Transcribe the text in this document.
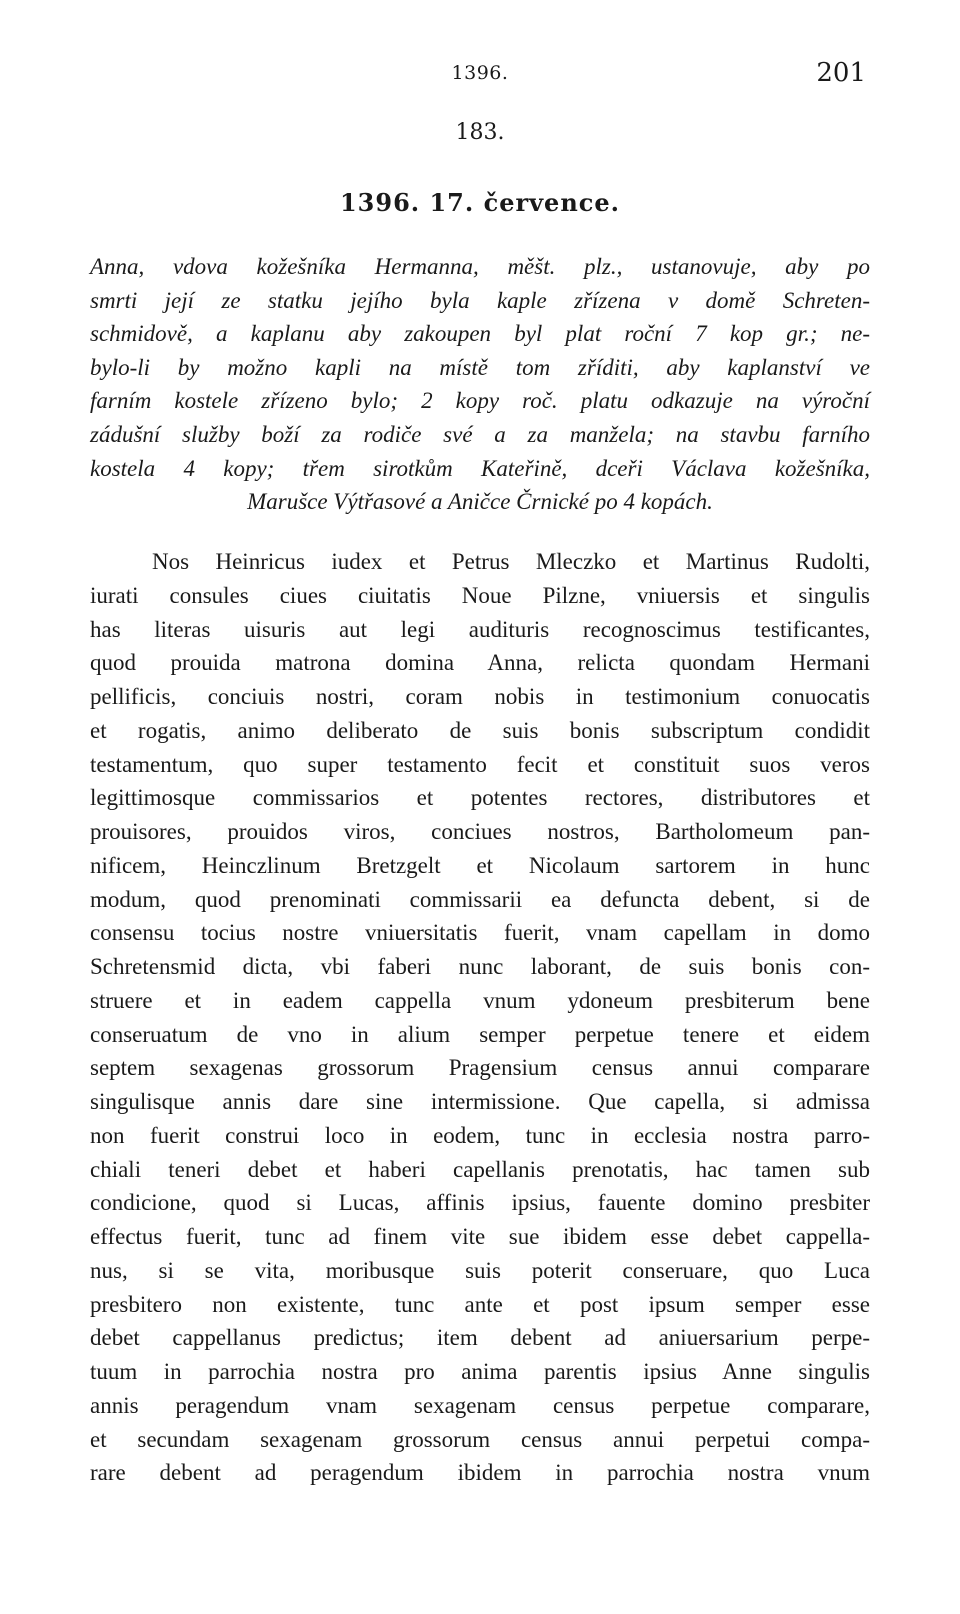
1396.	201
183.
1396. 17. července.
Anna, vdova kožešníka Hermanna, měšt. plz., ustanovuje, aby po
smrti její ze statku jejího byla kaple zřízena v domě Schreten-
schmidově, a kaplanu aby zakoupen byl plat roční 7 kop gr.; ne-
bylo-li by možno kapli na místě tom zříditi, aby kaplanství ve
farním kostele zřízeno bylo; 2 kopy roč. platu odkazuje na výroční
zádušní služby boží za rodiče své a za manžela; na stavbu farního
kostela 4 kopy; třem sirotkům Kateřině, dceři Václava kožešníka,
Marušce Výtřasové a Aničce Črnické po 4 kopách.
Nos Heinricus iudex et Petrus Mleczko et Martinus Rudolti,
iurati consules ciues ciuitatis Noue Pilzne, vniuersis et singulis
has literas uisuris aut legi audituris recognoscimus testificantes,
quod prouida matrona domina Anna, relicta quondam Hermani
pellificis, conciuis nostri, coram nobis in testimonium conuocatis
et rogatis, animo deliberato de suis bonis subscriptum condidit
testamentum, quo super testamento fecit et constituit suos veros
legittimosque commissarios et potentes rectores, distributores et
prouisores, prouidos viros, conciues nostros, Bartholomeum pan-
nificem, Heinczlinum Bretzgelt et Nicolaum sartorem in hunc
modum, quod prenominati commissarii ea defuncta debent, si de
consensu tocius nostre vniuersitatis fuerit, vnam capellam in domo
Schretensmid dicta, vbi faberi nunc laborant, de suis bonis con-
struere et in eadem cappella vnum ydoneum presbiterum bene
conseruatum de vno in alium semper perpetue tenere et eidem
septem sexagenas grossorum Pragensium census annui comparare
singulisque annis dare sine intermissione. Que capella, si admissa
non fuerit construi loco in eodem, tunc in ecclesia nostra parro-
chiali teneri debet et haberi capellanis prenotatis, hac tamen sub
condicione, quod si Lucas, affinis ipsius, fauente domino presbiter
effectus fuerit, tunc ad finem vite sue ibidem esse debet cappella-
nus, si se vita, moribusque suis poterit conseruare, quo Luca
presbitero non existente, tunc ante et post ipsum semper esse
debet cappellanus predictus; item debent ad aniuersarium perpe-
tuum in parrochia nostra pro anima parentis ipsius Anne singulis
annis peragendum vnam sexagenam census perpetue comparare,
et secundam sexagenam grossorum census annui perpetui compa-
rare debent ad peragendum ibidem in parrochia nostra vnum
